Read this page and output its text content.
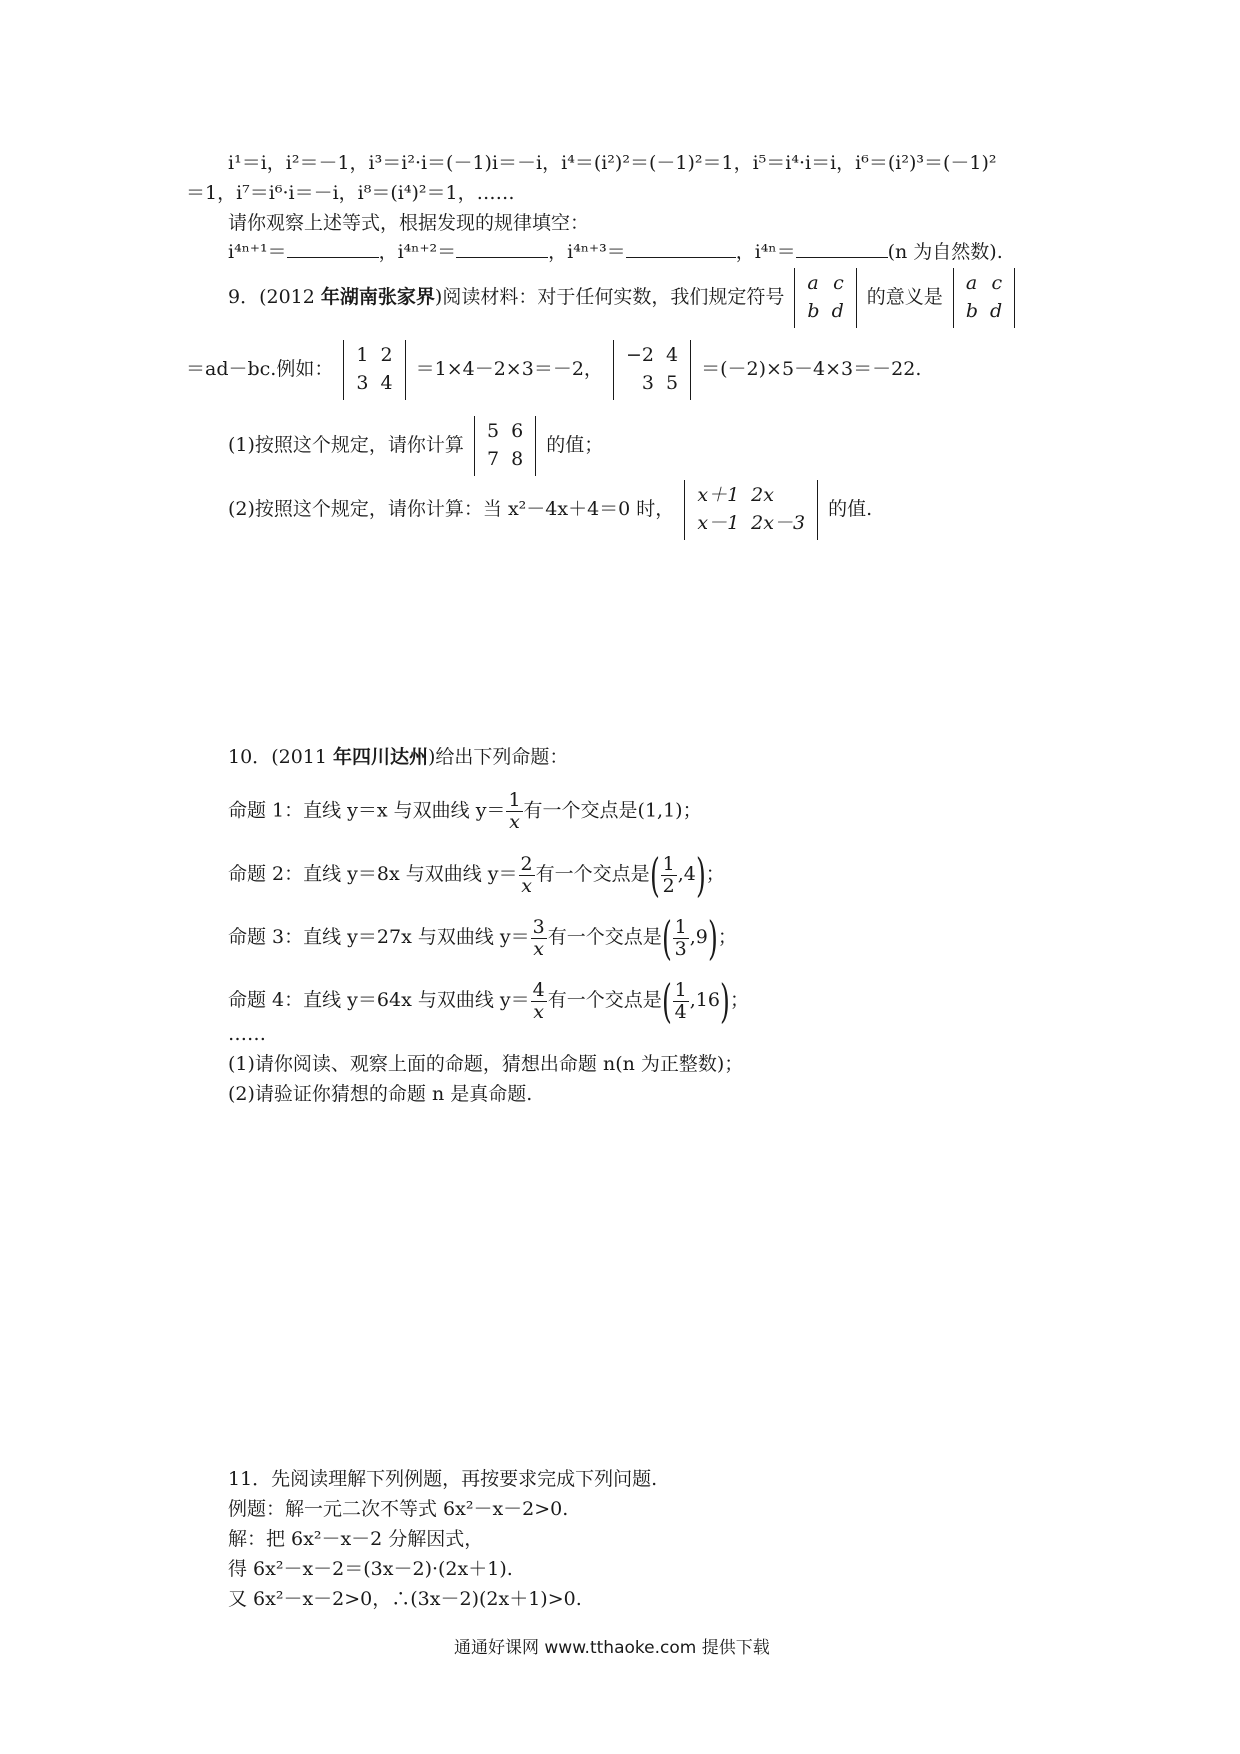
i¹＝i，i²＝－1，i³＝i²·i＝(－1)i＝－i，i⁴＝(i²)²＝(－1)²＝1，i⁵＝i⁴·i＝i，i⁶＝(i²)³＝(－1)²
＝1，i⁷＝i⁶·i＝－i，i⁸＝(i⁴)²＝1，……
请你观察上述等式，根据发现的规律填空：
i⁴ⁿ⁺¹＝	，i⁴ⁿ⁺²＝	，i⁴ⁿ⁺³＝	，i⁴ⁿ＝	(n 为自然数).
9．(2012 年湖南张家界)阅读材料：对于任何实数，我们规定符号
a	c
b	d
的意义是
a	c
b	d
＝ad－bc.例如：
1	2
3	4
＝1×4－2×3＝－2，
−2	4
3	5
＝(－2)×5－4×3＝－22.
(1)按照这个规定，请你计算
5	6
7	8
的值；
(2)按照这个规定，请你计算：当 x²－4x＋4＝0 时，
x＋1	2x
x－1	2x－3
的值.
10．(2011 年四川达州)给出下列命题：
命题 1：直线 y＝x 与双曲线 $y= \frac{1}{x}$ 有一个交点是(1,1)；
命题 2：直线 y＝8x 与双曲线 $y= \frac{2}{x}$ 有一个交点是( $\frac{1}{2} ,4$)；
命题 3：直线 y＝27x 与双曲线 $y= \frac{3}{x}$ 有一个交点是( $\frac{1}{3} ,9$)；
命题 4：直线 y＝64x 与双曲线 $y= \frac{4}{x}$ 有一个交点是( $\frac{1}{4} ,16$)；
……
(1)请你阅读、观察上面的命题，猜想出命题 n(n 为正整数)；
(2)请验证你猜想的命题 n 是真命题.
11．先阅读理解下列例题，再按要求完成下列问题.
例题：解一元二次不等式 6x²－x－2>0.
解：把 6x²－x－2 分解因式，
得 6x²－x－2＝(3x－2)·(2x＋1).
又 6x²－x－2>0，∴(3x－2)(2x＋1)>0.
通通好课网 www.tthaoke.com 提供下载
